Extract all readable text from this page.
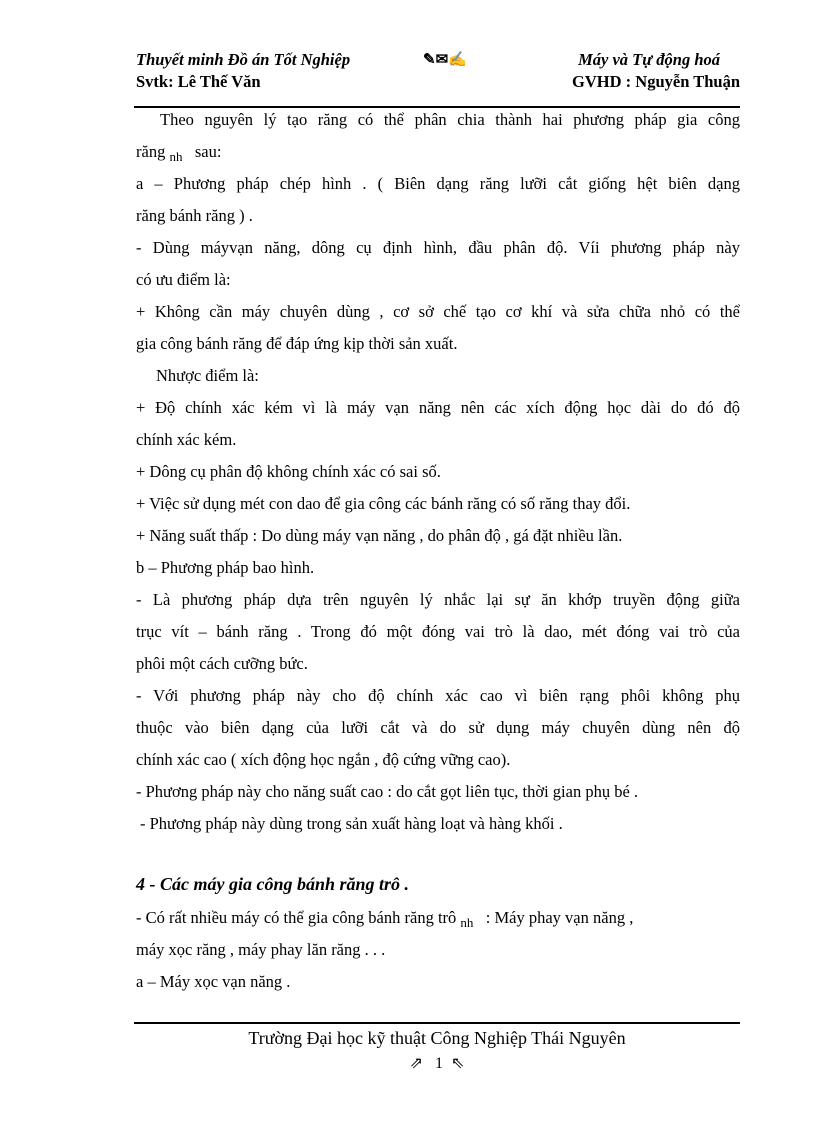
Thuyết minh Đồ án Tốt Nghiệp	✎✉✍	Máy và Tự động hoá
Svtk: Lê Thế Văn	GVHD : Nguyễn Thuận
Theo nguyên lý tạo răng có thể phân chia thành hai phương pháp gia công
răng $_{nh}$ sau:
a – Phương pháp chép hình . ( Biên dạng răng lưỡi cắt giống hệt biên dạng
răng bánh răng ) .
- Dùng máyvạn năng, dông cụ định hình, đầu phân độ. Víi phương pháp này
có ưu điểm là:
+ Không cần máy chuyên dùng , cơ sở chế tạo cơ khí và sửa chữa nhỏ có thể
gia công bánh răng để đáp ứng kịp thời sản xuất.
Nhược điểm là:
+ Độ chính xác kém vì là máy vạn năng nên các xích động học dài do đó độ
chính xác kém.
+ Dông cụ phân độ không chính xác có sai số.
+ Việc sử dụng mét con dao để gia công các bánh răng có số răng thay đổi.
+ Năng suất thấp : Do dùng máy vạn năng , do phân độ , gá đặt nhiều lần.
b – Phương pháp bao hình.
- Là phương pháp dựa trên nguyên lý nhắc lại sự ăn khớp truyền động giữa
trục vít – bánh răng . Trong đó một đóng vai trò là dao, mét đóng vai trò của
phôi một cách cưỡng bức.
- Với phương pháp này cho độ chính xác cao vì biên rạng phôi không phụ
thuộc vào biên dạng của lưỡi cắt và do sử dụng máy chuyên dùng nên độ
chính xác cao ( xích động học ngắn , độ cứng vững cao).
- Phương pháp này cho năng suất cao : do cắt gọt liên tục, thời gian phụ bé .
- Phương pháp này dùng trong sản xuất hàng loạt và hàng khối .
4 - Các máy gia công bánh răng trô .
- Có rất nhiều máy có thể gia công bánh răng trô $_{nh}$ : Máy phay vạn năng ,
máy xọc răng , máy phay lăn răng . . .
a – Máy xọc vạn năng .
Trường Đại học kỹ thuật Công Nghiệp Thái Nguyên
⇗ 1 ⇖
